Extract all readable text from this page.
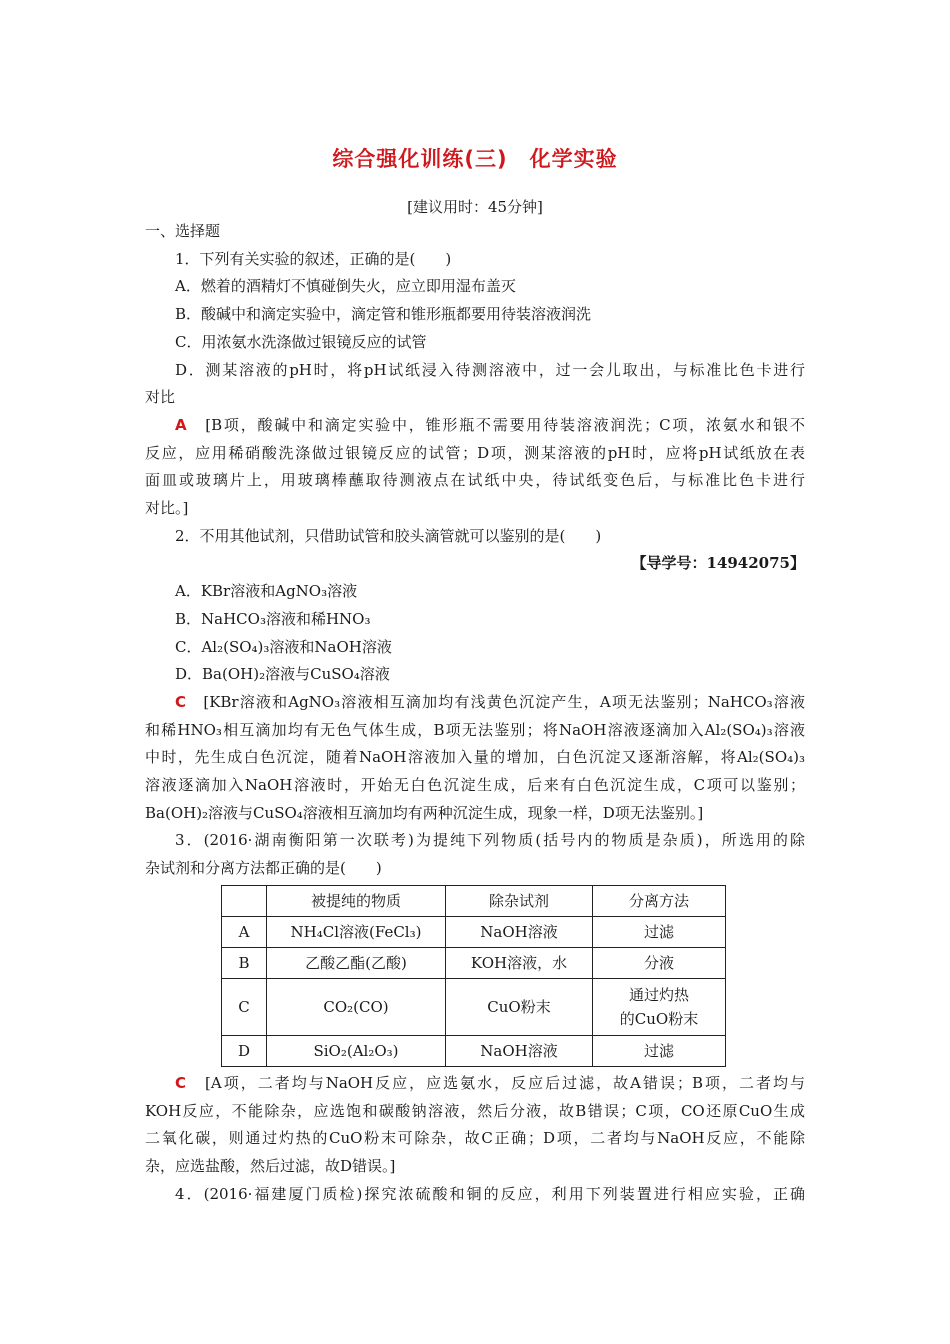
综合强化训练(三)　化学实验
[建议用时：45分钟]
一、选择题
1．下列有关实验的叙述，正确的是(　　)
A．燃着的酒精灯不慎碰倒失火，应立即用湿布盖灭
B．酸碱中和滴定实验中，滴定管和锥形瓶都要用待装溶液润洗
C．用浓氨水洗涤做过银镜反应的试管
D．测某溶液的pH时，将pH试纸浸入待测溶液中，过一会儿取出，与标准比色卡进行
对比
A　 [B项，酸碱中和滴定实验中，锥形瓶不需要用待装溶液润洗；C项，浓氨水和银不
反应，应用稀硝酸洗涤做过银镜反应的试管；D项，测某溶液的pH时，应将pH试纸放在表
面皿或玻璃片上，用玻璃棒蘸取待测液点在试纸中央，待试纸变色后，与标准比色卡进行
对比。]
2．不用其他试剂，只借助试管和胶头滴管就可以鉴别的是(　　)
【导学号：14942075】
A．KBr溶液和AgNO₃溶液
B．NaHCO₃溶液和稀HNO₃
C．Al₂(SO₄)₃溶液和NaOH溶液
D．Ba(OH)₂溶液与CuSO₄溶液
C　 [KBr溶液和AgNO₃溶液相互滴加均有浅黄色沉淀产生，A项无法鉴别；NaHCO₃溶液
和稀HNO₃相互滴加均有无色气体生成，B项无法鉴别；将NaOH溶液逐滴加入Al₂(SO₄)₃溶液
中时，先生成白色沉淀，随着NaOH溶液加入量的增加，白色沉淀又逐渐溶解，将Al₂(SO₄)₃
溶液逐滴加入NaOH溶液时，开始无白色沉淀生成，后来有白色沉淀生成，C项可以鉴别；
Ba(OH)₂溶液与CuSO₄溶液相互滴加均有两种沉淀生成，现象一样，D项无法鉴别。]
3．(2016·湖南衡阳第一次联考)为提纯下列物质(括号内的物质是杂质)，所选用的除
杂试剂和分离方法都正确的是(　　)
	被提纯的物质	除杂试剂	分离方法
A	NH₄Cl溶液(FeCl₃)	NaOH溶液	过滤
B	乙酸乙酯(乙酸)	KOH溶液，水	分液
C	CO₂(CO)	CuO粉末	通过灼热
的CuO粉末

D	SiO₂(Al₂O₃)	NaOH溶液	过滤
C　 [A项，二者均与NaOH反应，应选氨水，反应后过滤，故A错误；B项，二者均与
KOH反应，不能除杂，应选饱和碳酸钠溶液，然后分液，故B错误；C项，CO还原CuO生成
二氧化碳，则通过灼热的CuO粉末可除杂，故C正确；D项，二者均与NaOH反应，不能除
杂，应选盐酸，然后过滤，故D错误。]
4．(2016·福建厦门质检)探究浓硫酸和铜的反应，利用下列装置进行相应实验，正确
